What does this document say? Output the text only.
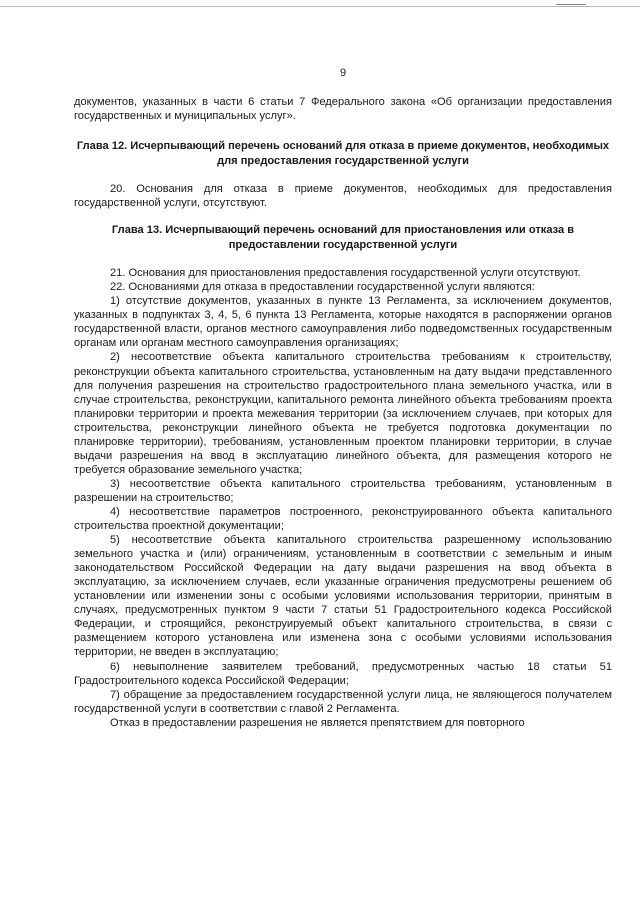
9

документов, указанных в части 6 статьи 7 Федерального закона «Об организации предоставления государственных и муниципальных услуг».

Глава 12. Исчерпывающий перечень оснований для отказа в приеме документов, необходимых для предоставления государственной услуги

20. Основания для отказа в приеме документов, необходимых для предоставления государственной услуги, отсутствуют.

Глава 13. Исчерпывающий перечень оснований для приостановления или отказа в предоставлении государственной услуги

21. Основания для приостановления предоставления государственной услуги отсутствуют.

22. Основаниями для отказа в предоставлении государственной услуги являются:

1) отсутствие документов, указанных в пункте 13 Регламента, за исключением документов, указанных в подпунктах 3, 4, 5, 6 пункта 13 Регламента, которые находятся в распоряжении органов государственной власти, органов местного самоуправления либо подведомственных государственным органам или органам местного самоуправления организациях;

2) несоответствие объекта капитального строительства требованиям к строительству, реконструкции объекта капитального строительства, установленным на дату выдачи представленного для получения разрешения на строительство градостроительного плана земельного участка, или в случае строительства, реконструкции, капитального ремонта линейного объекта требованиям проекта планировки территории и проекта межевания территории (за исключением случаев, при которых для строительства, реконструкции линейного объекта не требуется подготовка документации по планировке территории), требованиям, установленным проектом планировки территории, в случае выдачи разрешения на ввод в эксплуатацию линейного объекта, для размещения которого не требуется образование земельного участка;

3) несоответствие объекта капитального строительства требованиям, установленным в разрешении на строительство;

4) несоответствие параметров построенного, реконструированного объекта капитального строительства проектной документации;

5) несоответствие объекта капитального строительства разрешенному использованию земельного участка и (или) ограничениям, установленным в соответствии с земельным и иным законодательством Российской Федерации на дату выдачи разрешения на ввод объекта в эксплуатацию, за исключением случаев, если указанные ограничения предусмотрены решением об установлении или изменении зоны с особыми условиями использования территории, принятым в случаях, предусмотренных пунктом 9 части 7 статьи 51 Градостроительного кодекса Российской Федерации, и строящийся, реконструируемый объект капитального строительства, в связи с размещением которого установлена или изменена зона с особыми условиями использования территории, не введен в эксплуатацию;

6) невыполнение заявителем требований, предусмотренных частью 18 статьи 51 Градостроительного кодекса Российской Федерации;

7) обращение за предоставлением государственной услуги лица, не являющегося получателем государственной услуги в соответствии с главой 2 Регламента.

Отказ в предоставлении разрешения не является препятствием для повторного
